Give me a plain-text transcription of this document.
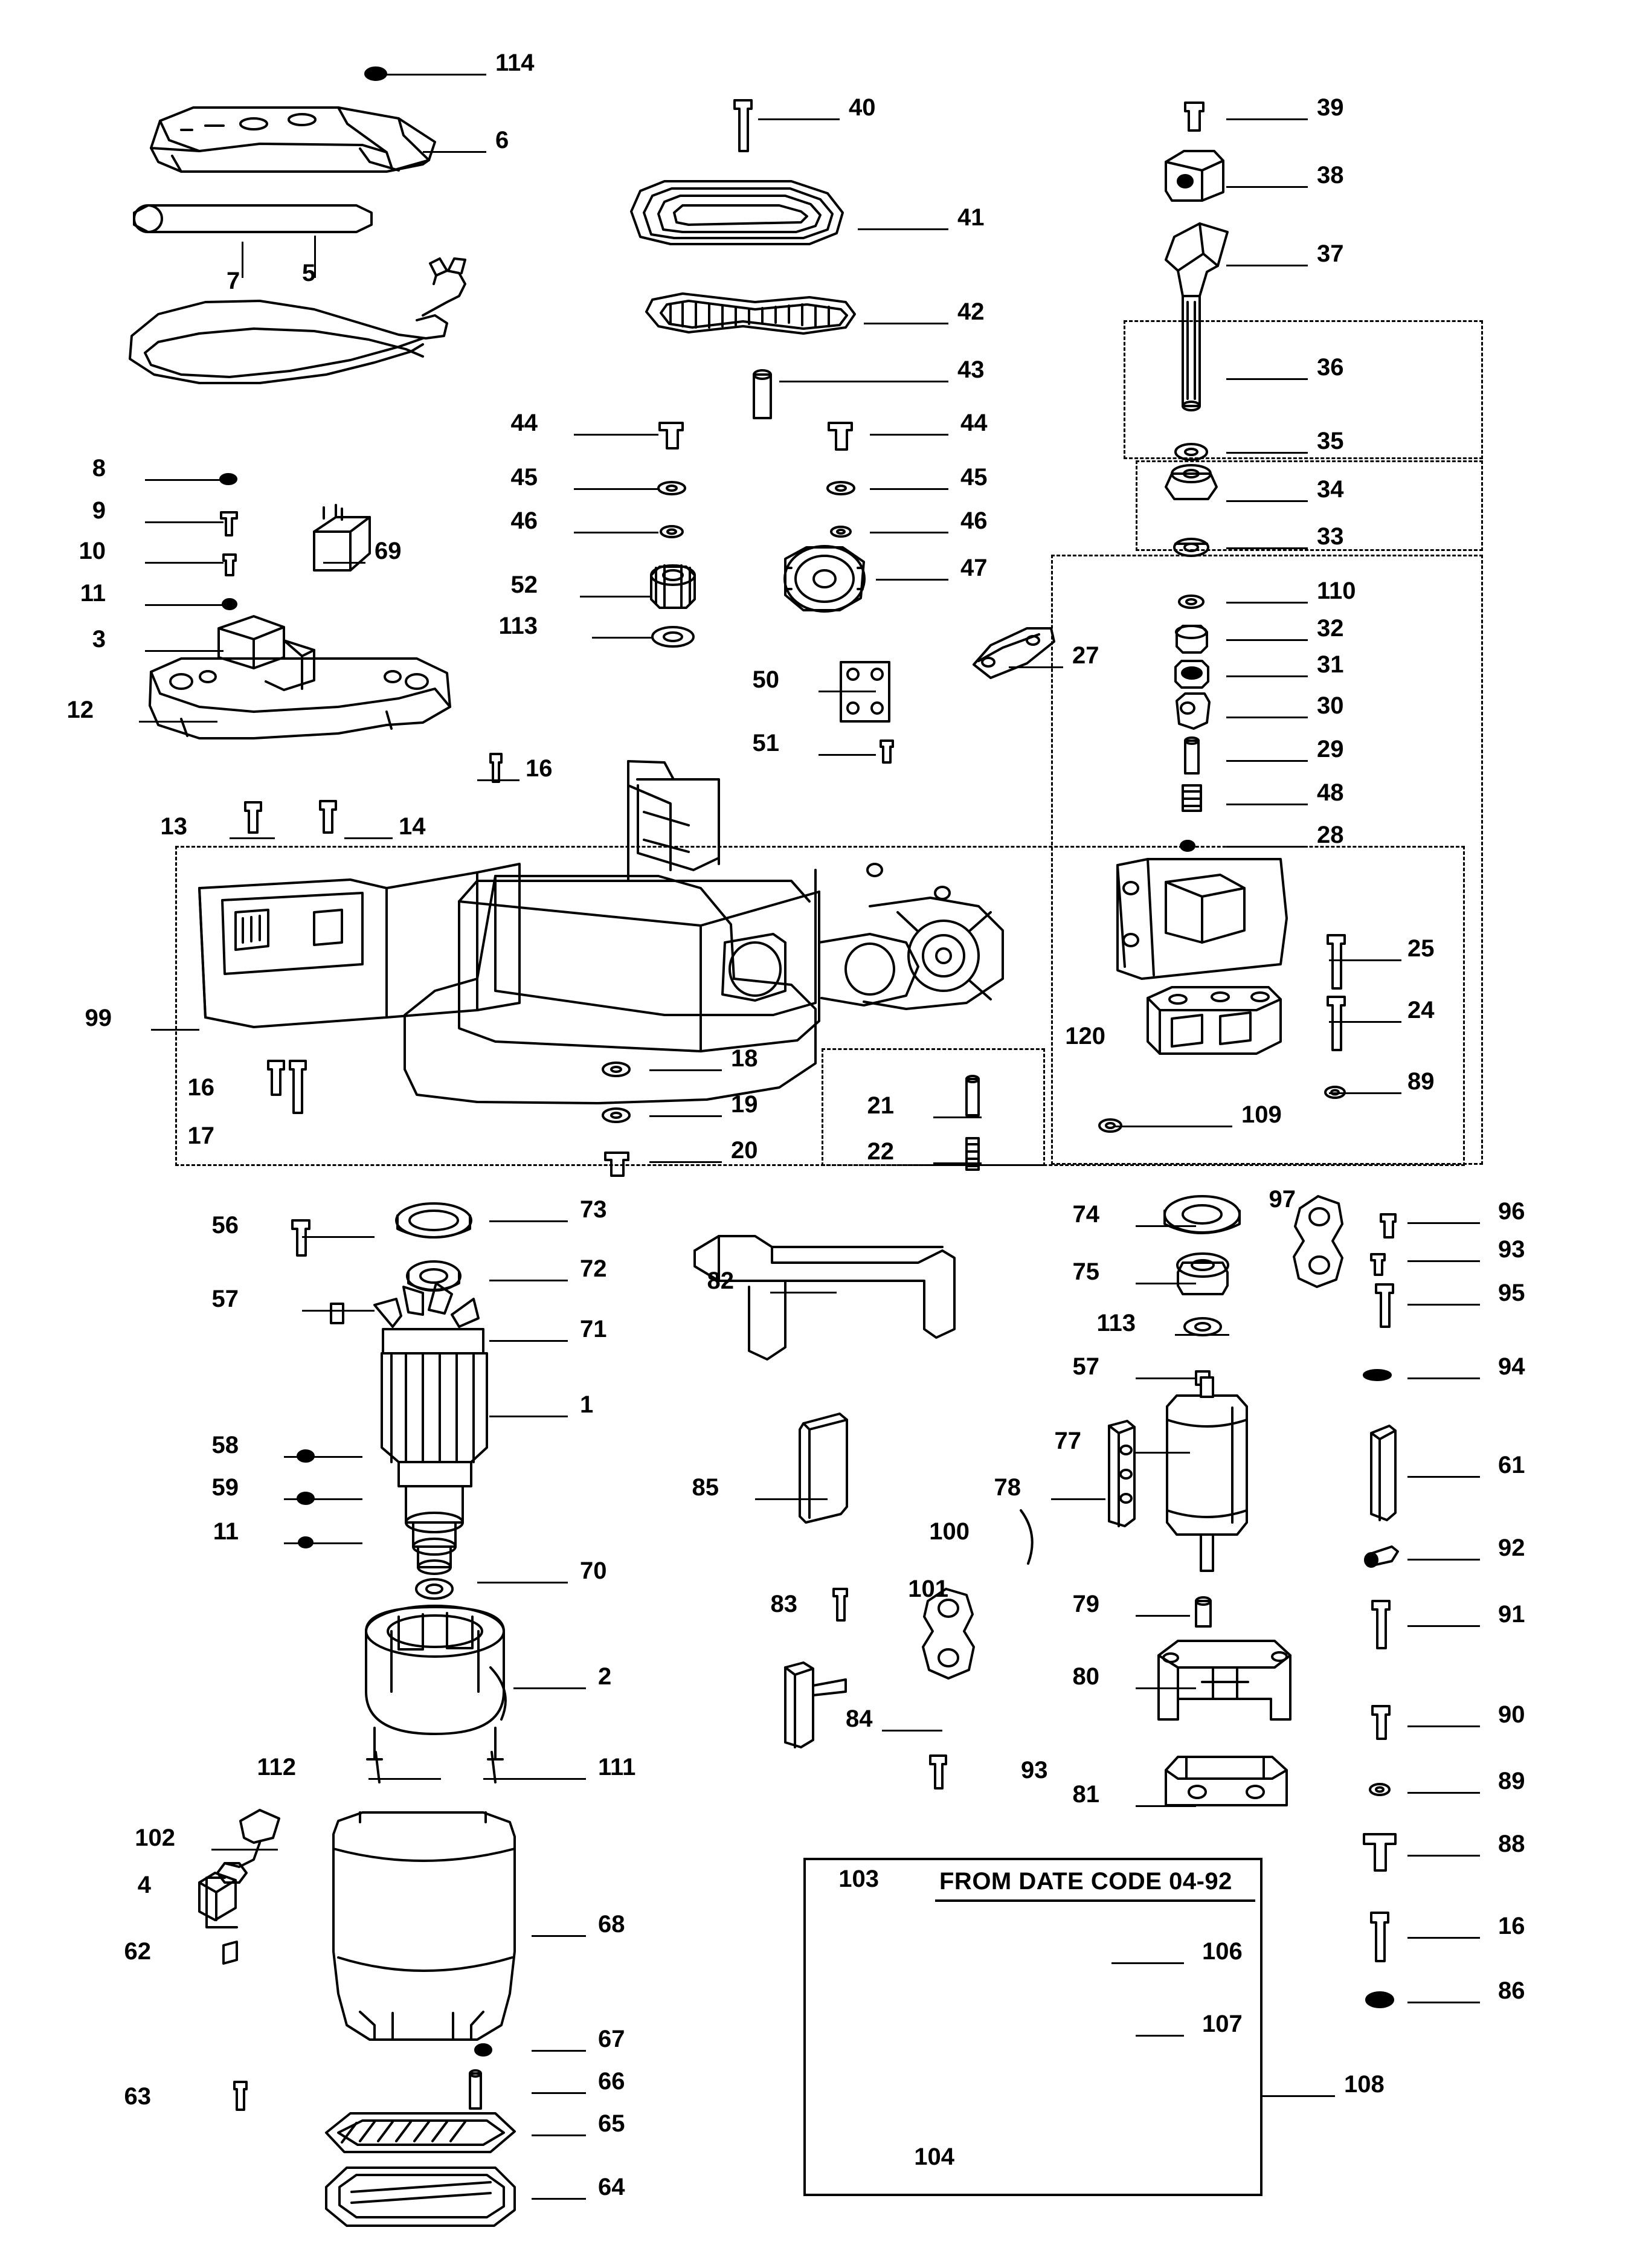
FROM DATE CODE 04-92
114
6
7	5
40
41
42
43
39
38
37
36
35
34
33
110
32
31
30
29
48
28
44
45
46
52
113
44
45
46
47
27
50
51
8
9
10
11
69
3
12
16
13	14
99
16
17
18
19
20
21
22
25
24
120
89
109
56
57
73
72
71
1
58
59
11
70
2
112	111
102
4
62
68
67
66
65
64
63
82
85
83
84
101
100
93
78
77
79
80
81
57
74
75
113
97	96
93
95
94
61
92
91
90
89
88
16
86
103
106
107
104
108
